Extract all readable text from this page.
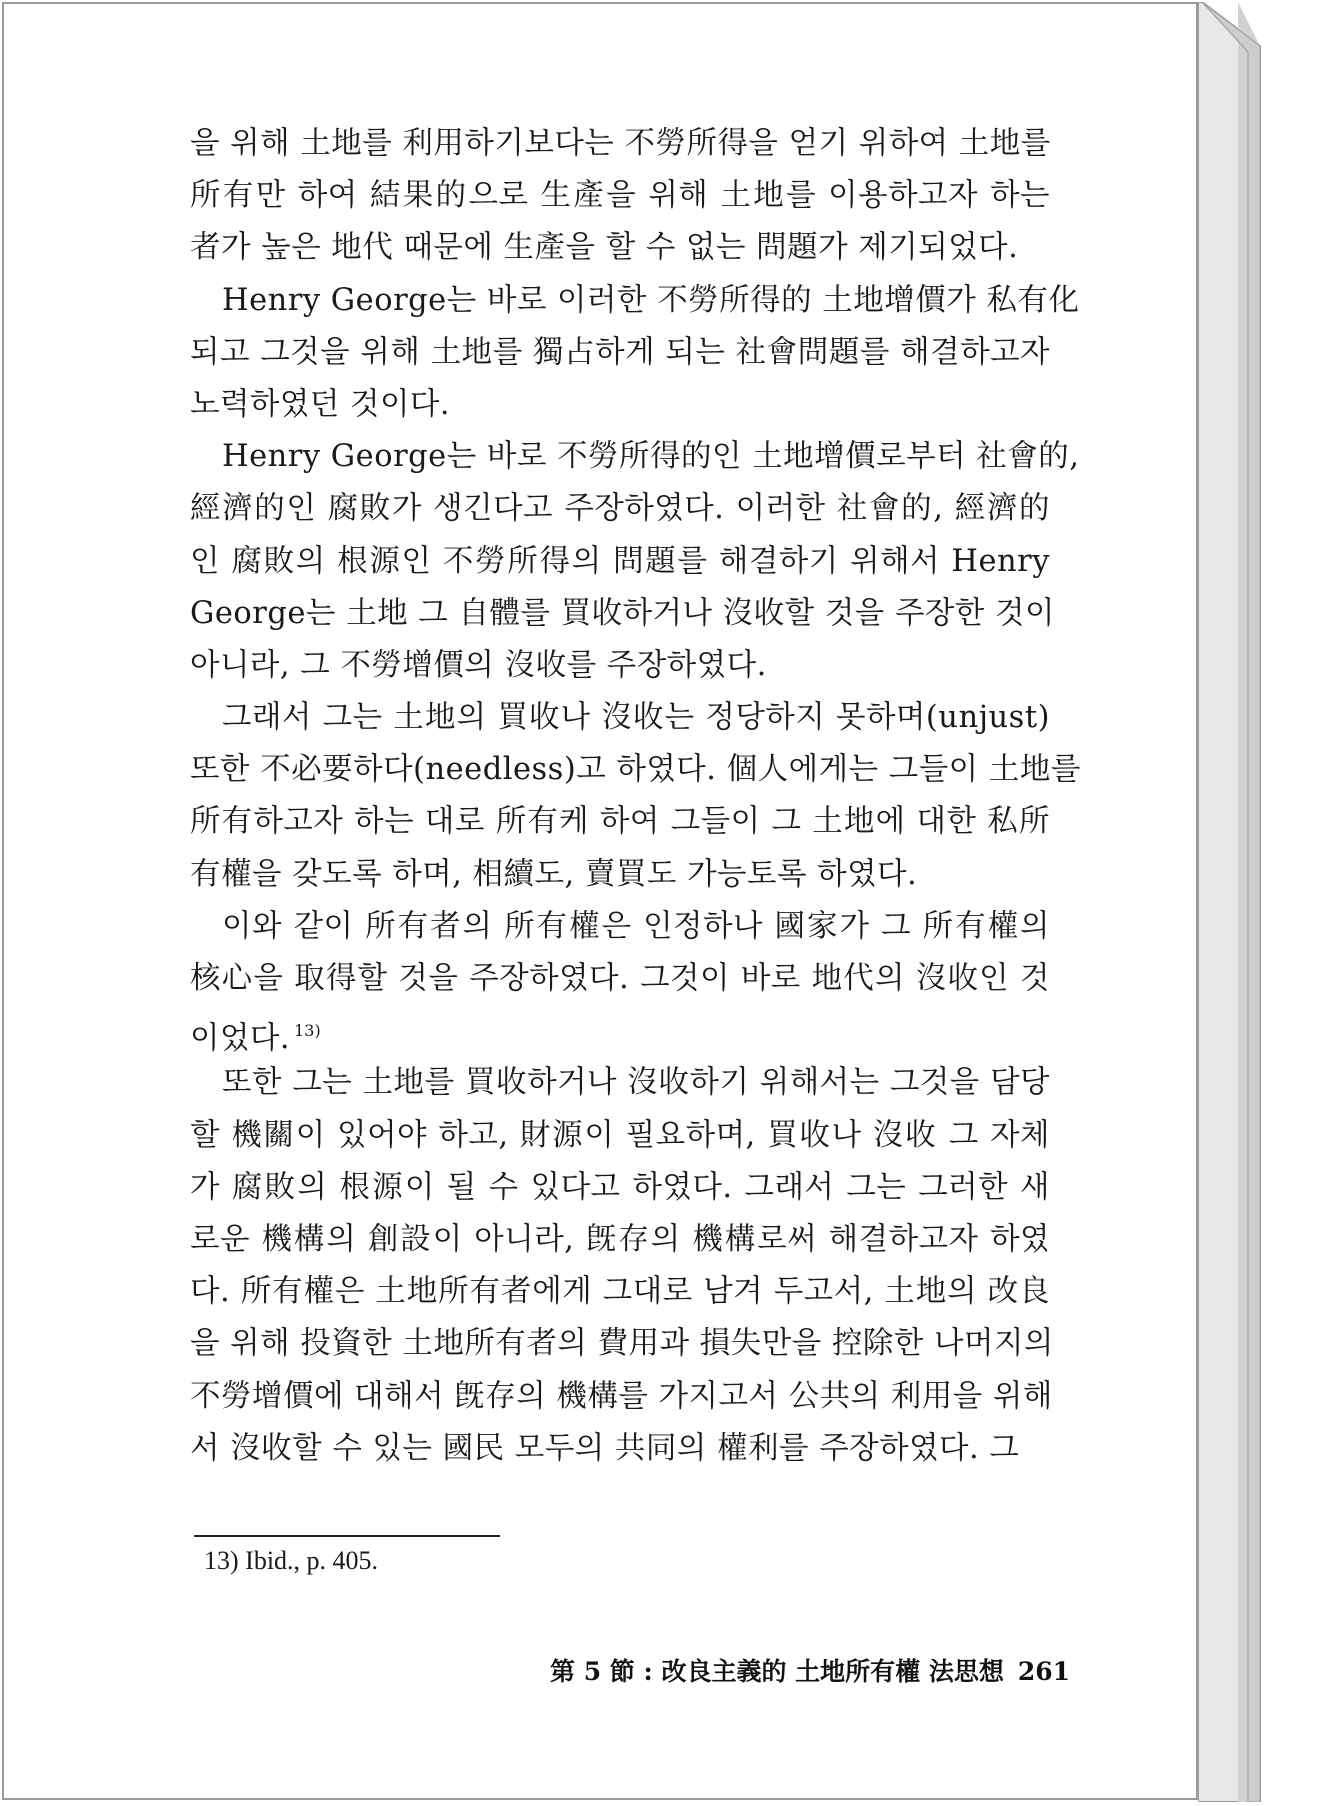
을 위해 土地를 利用하기보다는 不勞所得을 얻기 위하여 土地를
所有만 하여 結果的으로 生產을 위해 土地를 이용하고자 하는
者가 높은 地代 때문에 生產을 할 수 없는 問題가 제기되었다.
Henry George는 바로 이러한 不勞所得的 土地增價가 私有化
되고 그것을 위해 土地를 獨占하게 되는 社會問題를 해결하고자
노력하였던 것이다.
Henry George는 바로 不勞所得的인 土地增價로부터 社會的,
經濟的인 腐敗가 생긴다고 주장하였다. 이러한 社會的, 經濟的
인 腐敗의 根源인 不勞所得의 問題를 해결하기 위해서 Henry
George는 土地 그 自體를 買收하거나 沒收할 것을 주장한 것이
아니라, 그 不勞增價의 沒收를 주장하였다.
그래서 그는 土地의 買收나 沒收는 정당하지 못하며(unjust)
또한 不必要하다(needless)고 하였다. 個人에게는 그들이 土地를
所有하고자 하는 대로 所有케 하여 그들이 그 土地에 대한 私所
有權을 갖도록 하며, 相續도, 賣買도 가능토록 하였다.
이와 같이 所有者의 所有權은 인정하나 國家가 그 所有權의
核心을 取得할 것을 주장하였다. 그것이 바로 地代의 沒收인 것
이었다. $^{13)}$
또한 그는 土地를 買收하거나 沒收하기 위해서는 그것을 담당
할 機關이 있어야 하고, 財源이 필요하며, 買收나 沒收 그 자체
가 腐敗의 根源이 될 수 있다고 하였다. 그래서 그는 그러한 새
로운 機構의 創設이 아니라, 旣存의 機構로써 해결하고자 하였
다. 所有權은 土地所有者에게 그대로 남겨 두고서, 土地의 改良
을 위해 投資한 土地所有者의 費用과 損失만을 控除한 나머지의
不勞增價에 대해서 旣存의 機構를 가지고서 公共의 利用을 위해
서 沒收할 수 있는 國民 모두의 共同의 權利를 주장하였다. 그
13) Ibid., p. 405.
第 5 節 : 改良主義的 土地所有權 法思想 261
